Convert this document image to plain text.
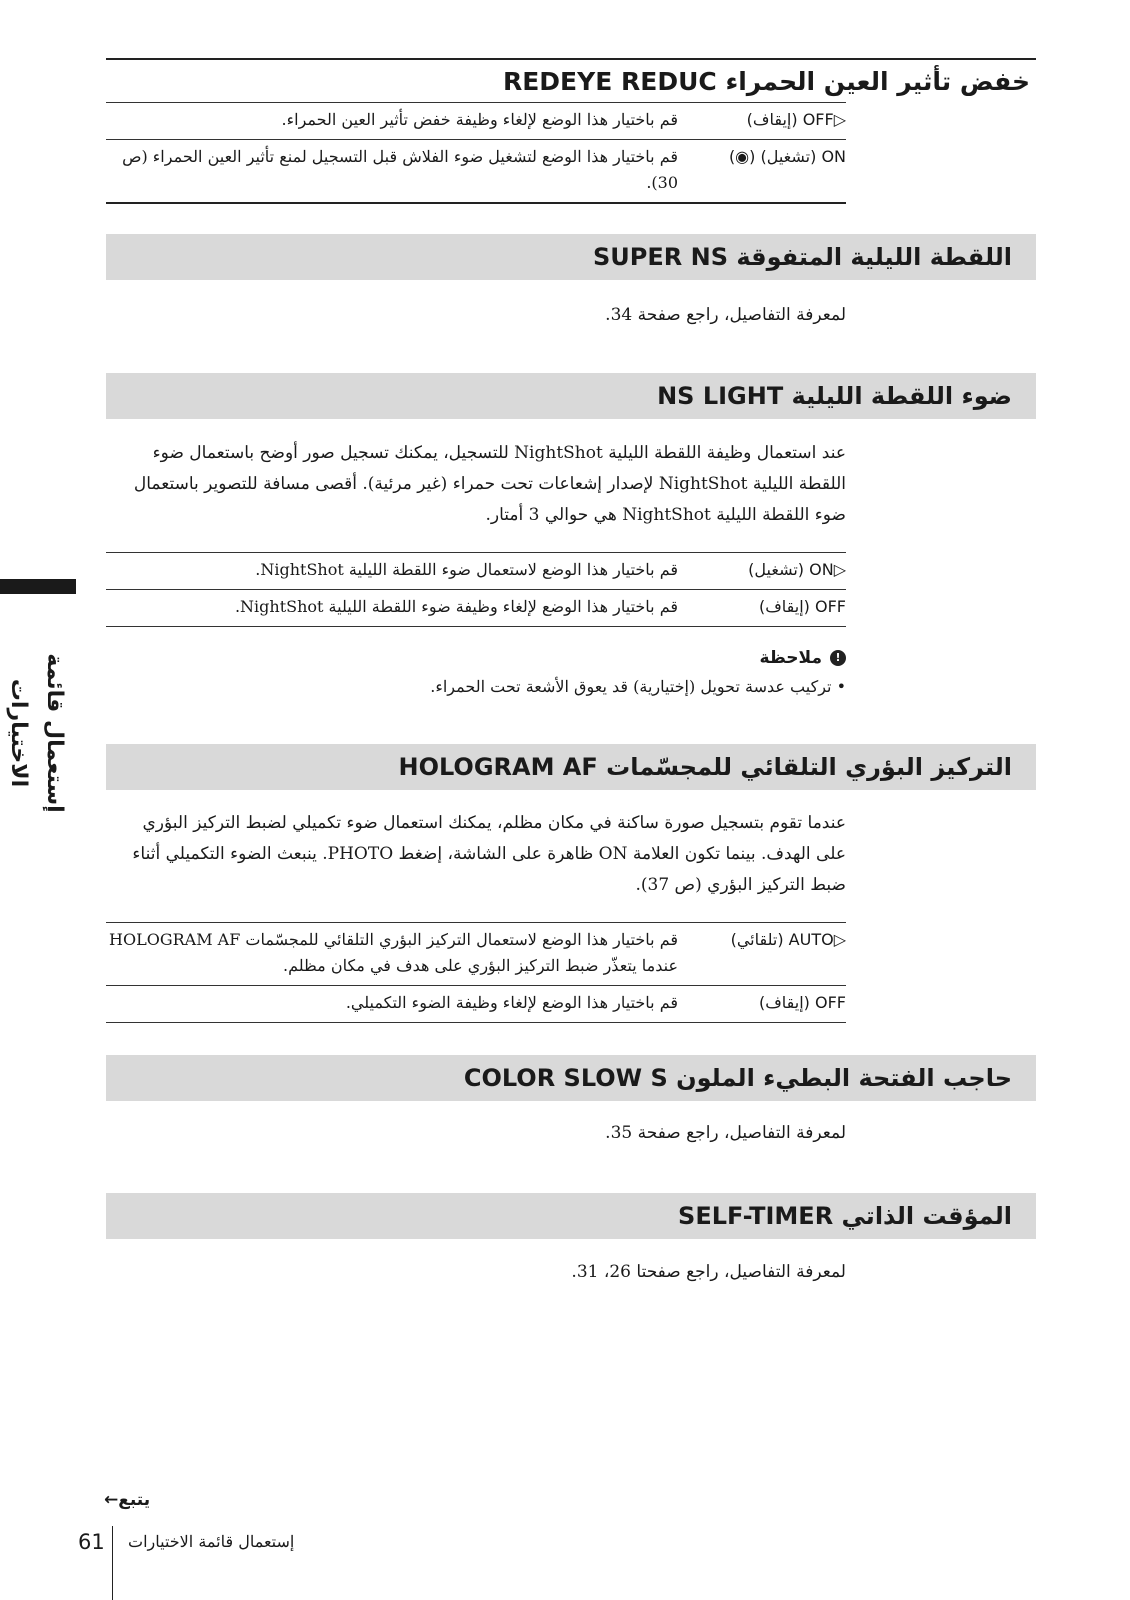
خفض تأثير العين الحمراء REDEYE REDUC
▷OFF (إيقاف)
قم باختيار هذا الوضع لإلغاء وظيفة خفض تأثير العين الحمراء.
ON (تشغيل) (◉)
قم باختيار هذا الوضع لتشغيل ضوء الفلاش قبل التسجيل لمنع تأثير العين الحمراء (ص 30).
اللقطة الليلية المتفوقة SUPER NS
لمعرفة التفاصيل، راجع صفحة 34.
ضوء اللقطة الليلية NS LIGHT
عند استعمال وظيفة اللقطة الليلية NightShot للتسجيل، يمكنك تسجيل صور أوضح باستعمال ضوء اللقطة الليلية NightShot لإصدار إشعاعات تحت حمراء (غير مرئية). أقصى مسافة للتصوير باستعمال ضوء اللقطة الليلية NightShot هي حوالي 3 أمتار.
▷ON (تشغيل)
قم باختيار هذا الوضع لاستعمال ضوء اللقطة الليلية NightShot.
OFF (إيقاف)
قم باختيار هذا الوضع لإلغاء وظيفة ضوء اللقطة الليلية NightShot.
!ملاحظة
• تركيب عدسة تحويل (إختيارية) قد يعوق الأشعة تحت الحمراء.
التركيز البؤري التلقائي للمجسّمات HOLOGRAM AF
عندما تقوم بتسجيل صورة ساكنة في مكان مظلم، يمكنك استعمال ضوء تكميلي لضبط التركيز البؤري على الهدف. بينما تكون العلامة ON ظاهرة على الشاشة، إضغط PHOTO. ينبعث الضوء التكميلي أثناء ضبط التركيز البؤري (ص 37).
▷AUTO (تلقائي)
قم باختيار هذا الوضع لاستعمال التركيز البؤري التلقائي للمجسّمات HOLOGRAM AF عندما يتعذّر ضبط التركيز البؤري على هدف في مكان مظلم.
OFF (إيقاف)
قم باختيار هذا الوضع لإلغاء وظيفة الضوء التكميلي.
حاجب الفتحة البطيء الملون COLOR SLOW S
لمعرفة التفاصيل، راجع صفحة 35.
المؤقت الذاتي SELF-TIMER
لمعرفة التفاصيل، راجع صفحتا 26، 31.
إستعمال قائمة الاختيارات
يتبع←
61 إستعمال قائمة الاختيارات
